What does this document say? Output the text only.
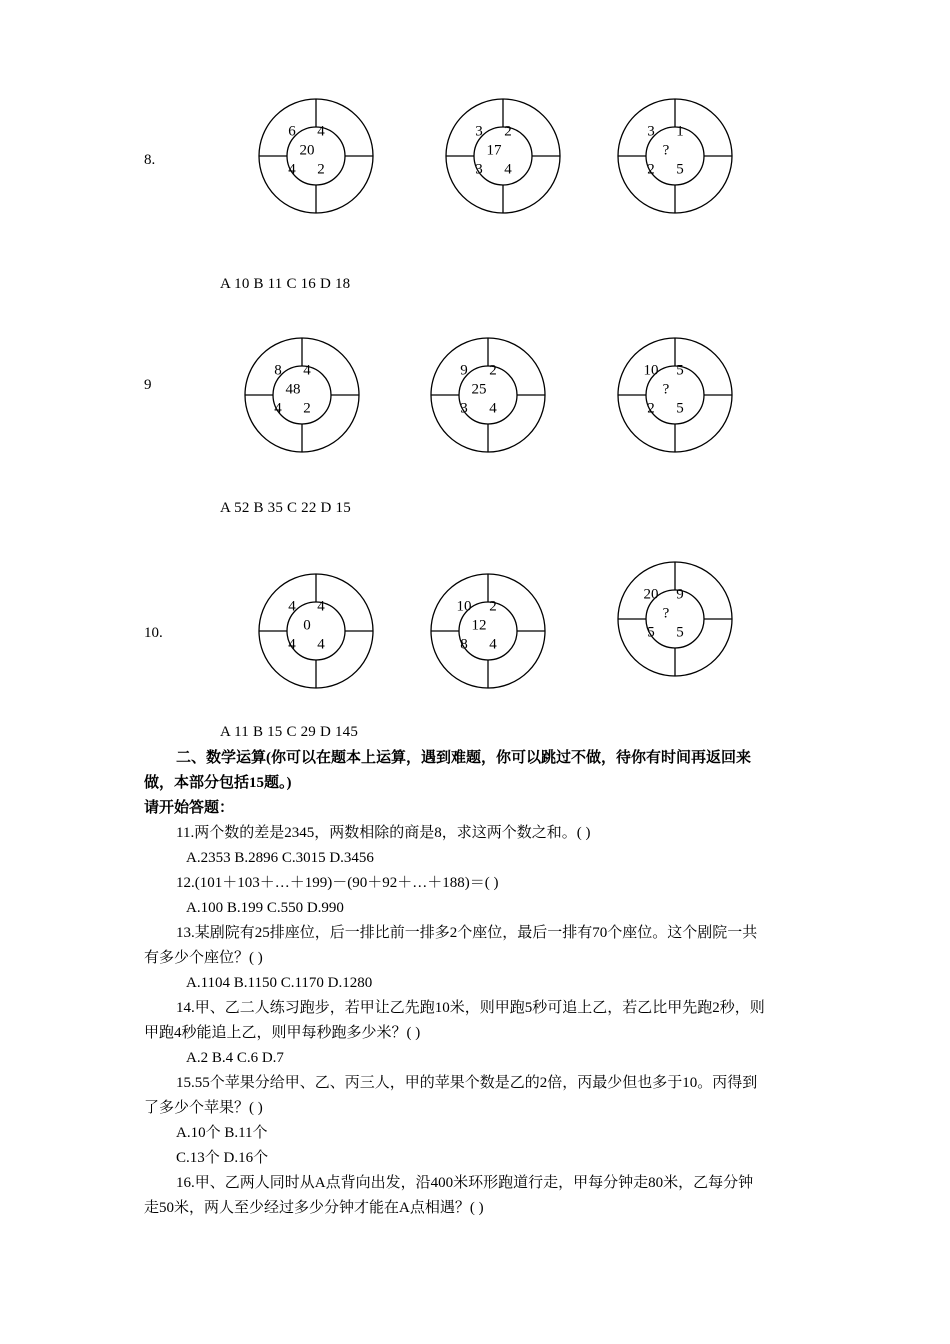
8.
6 4
20
4 2
3 2
17
3 4
3 1
?
2 5
A 10 B 11 C 16 D 18
9
8 4
48
4 2
9 2
25
3 4
10 5
?
2 5
A 52 B 35 C 22 D 15
10.
4 4
0
4 4
10 2
12
8 4
20 9
?
5 5
A 11 B 15 C 29 D 145
二、数学运算(你可以在题本上运算，遇到难题，你可以跳过不做，待你有时间再返回来
做，本部分包括15题。)
请开始答题：
11.两个数的差是2345，两数相除的商是8，求这两个数之和。( )
A.2353 B.2896 C.3015 D.3456
12.(101＋103＋…＋199)－(90＋92＋…＋188)＝( )
A.100 B.199 C.550 D.990
13.某剧院有25排座位，后一排比前一排多2个座位，最后一排有70个座位。这个剧院一共
有多少个座位？( )
A.1104 B.1150 C.1170 D.1280
14.甲、乙二人练习跑步，若甲让乙先跑10米，则甲跑5秒可追上乙，若乙比甲先跑2秒，则
甲跑4秒能追上乙，则甲每秒跑多少米？( )
A.2 B.4 C.6 D.7
15.55个苹果分给甲、乙、丙三人，甲的苹果个数是乙的2倍，丙最少但也多于10。丙得到
了多少个苹果？( )
A.10个 B.11个
C.13个 D.16个
16.甲、乙两人同时从A点背向出发，沿400米环形跑道行走，甲每分钟走80米，乙每分钟
走50米，两人至少经过多少分钟才能在A点相遇？( )
